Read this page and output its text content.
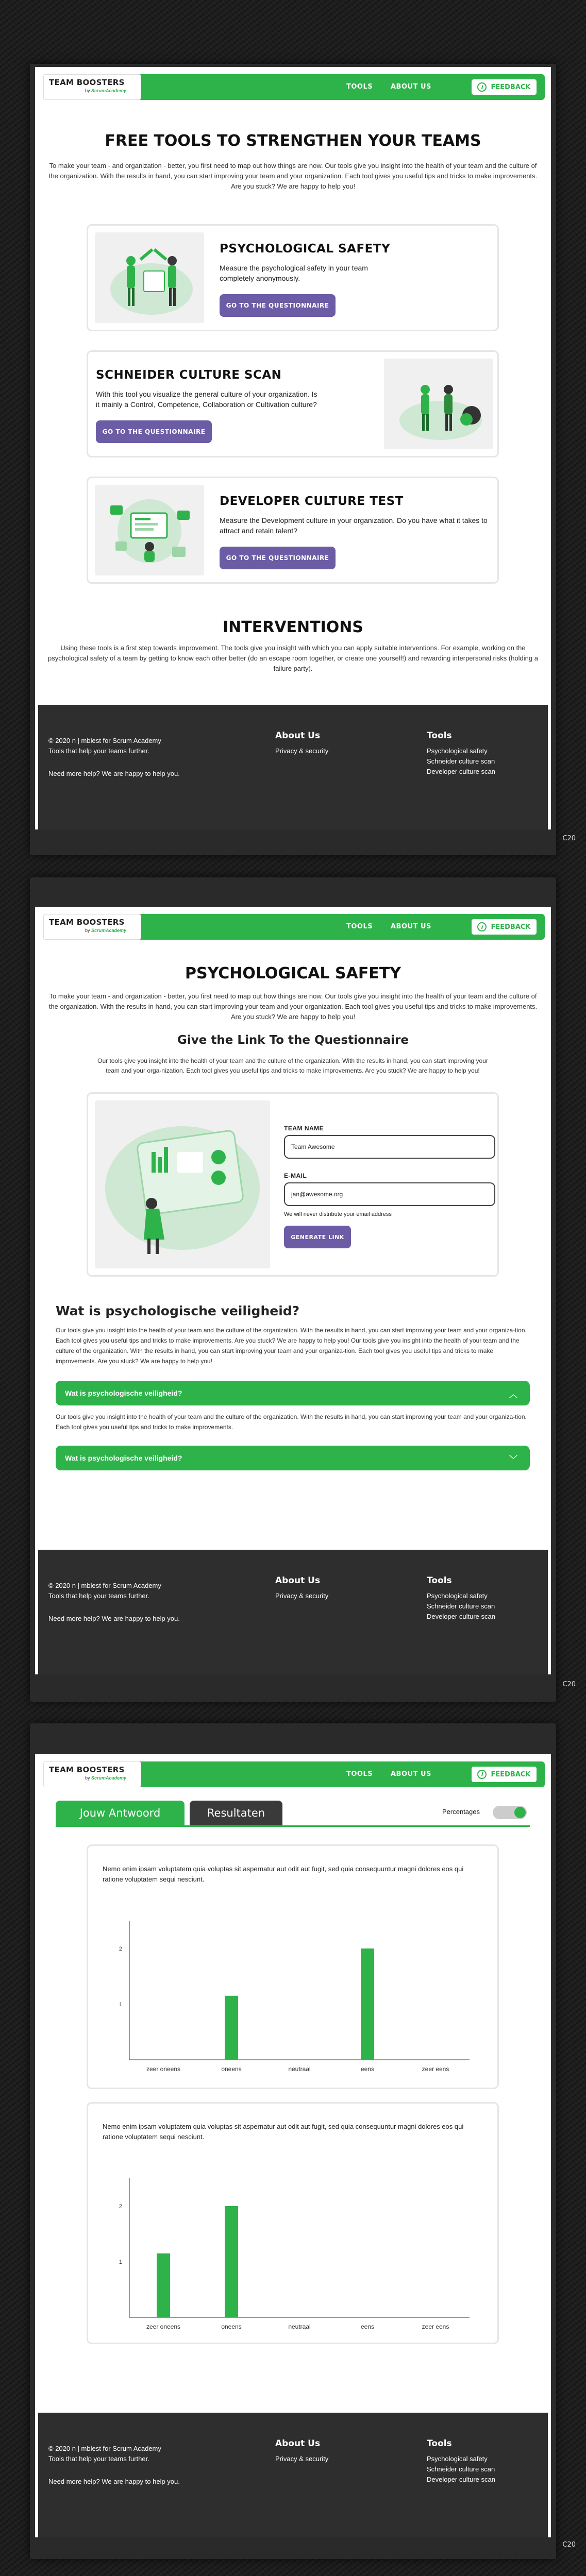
TEAM BOOSTERS
by ScrumAcademy	TOOLS	ABOUT US	i	FEEDBACK
FREE TOOLS TO STRENGTHEN YOUR TEAMS
To make your team - and organization - better, you first need to map out how things are now. Our tools give you insight into the health of your team and the culture of the organization. With the results in hand, you can start improving your team and your organization. Each tool gives you useful tips and tricks to make improvements. Are you stuck? We are happy to help you!
PSYCHOLOGICAL SAFETY
Measure the psychological safety in your team completely anonymously.
GO TO THE QUESTIONNAIRE
SCHNEIDER CULTURE SCAN
With this tool you visualize the general culture of your organization. Is it mainly a Control, Competence, Collaboration or Cultivation culture?
GO TO THE QUESTIONNAIRE
DEVELOPER CULTURE TEST
Measure the Development culture in your organization. Do you have what it takes to attract and retain talent?
GO TO THE QUESTIONNAIRE
INTERVENTIONS
Using these tools is a first step towards improvement. The tools give you insight with which you can apply suitable interventions. For example, working on the psychological safety of a team by getting to know each other better (do an escape room together, or create one yourself!) and rewarding interpersonal risks (holding a failure party).
© 2020 n | mblest for Scrum Academy
Tools that help your teams further.
Need more help? We are happy to help you.
About Us
Privacy & security
Tools
Psychological safety
Schneider culture scan
Developer culture scan
C20
TEAM BOOSTERS
by ScrumAcademy	TOOLS	ABOUT US	i	FEEDBACK
PSYCHOLOGICAL SAFETY
To make your team - and organization - better, you first need to map out how things are now. Our tools give you insight into the health of your team and the culture of the organization. With the results in hand, you can start improving your team and your organization. Each tool gives you useful tips and tricks to make improvements. Are you stuck? We are happy to help you!
Give the Link To the Questionnaire
Our tools give you insight into the health of your team and the culture of the organization. With the results in hand, you can start improving your team and your orga-nization. Each tool gives you useful tips and tricks to make improvements. Are you stuck? We are happy to help you!
TEAM NAME
Team Awesome
E-MAIL
jan@awesome.org
We will never distribute your email address
GENERATE LINK
Wat is psychologische veiligheid?
Our tools give you insight into the health of your team and the culture of the organization. With the results in hand, you can start improving your team and your organiza-tion. Each tool gives you useful tips and tricks to make improvements. Are you stuck? We are happy to help you! Our tools give you insight into the health of your team and the culture of the organization. With the results in hand, you can start improving your team and your organiza-tion. Each tool gives you useful tips and tricks to make improvements. Are you stuck? We are happy to help you!
Wat is psychologische veiligheid?	︿
Our tools give you insight into the health of your team and the culture of the organization. With the results in hand, you can start improving your team and your organiza-tion. Each tool gives you useful tips and tricks to make improvements.
Wat is psychologische veiligheid?	﹀
© 2020 n | mblest for Scrum Academy
Tools that help your teams further.
Need more help? We are happy to help you.
About Us
Privacy & security
Tools
Psychological safety
Schneider culture scan
Developer culture scan
C20
TEAM BOOSTERS
by ScrumAcademy	TOOLS	ABOUT US	i	FEEDBACK
Jouw Antwoord	Resultaten	Percentages
Nemo enim ipsam voluptatem quia voluptas sit aspernatur aut odit aut fugit, sed quia consequuntur magni dolores eos qui ratione voluptatem sequi nesciunt.
1
2
zeer oneens	oneens	neutraal	eens	zeer eens
Nemo enim ipsam voluptatem quia voluptas sit aspernatur aut odit aut fugit, sed quia consequuntur magni dolores eos qui ratione voluptatem sequi nesciunt.
1
2
zeer oneens	oneens	neutraal	eens	zeer eens
© 2020 n | mblest for Scrum Academy
Tools that help your teams further.
Need more help? We are happy to help you.
About Us
Privacy & security
Tools
Psychological safety
Schneider culture scan
Developer culture scan
C20
